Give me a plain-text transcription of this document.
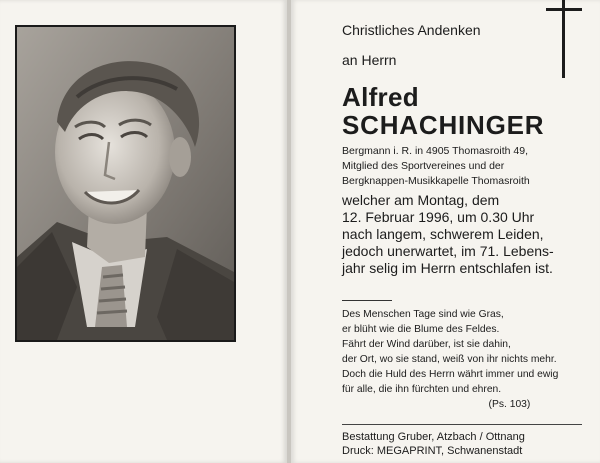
Christliches Andenken
an Herrn
Alfred
SCHACHINGER
Bergmann i. R. in 4905 Thomasroith 49,
Mitglied des Sportvereines und der
Bergknappen-Musikkapelle Thomasroith
welcher am Montag, dem
12. Februar 1996, um 0.30 Uhr
nach langem, schwerem Leiden,
jedoch unerwartet, im 71. Lebens-
jahr selig im Herrn entschlafen ist.
Des Menschen Tage sind wie Gras,
er blüht wie die Blume des Feldes.
Fährt der Wind darüber, ist sie dahin,
der Ort, wo sie stand, weiß von ihr nichts mehr.
Doch die Huld des Herrn währt immer und ewig
für alle, die ihn fürchten und ehren.
(Ps. 103)
Bestattung Gruber, Atzbach / Ottnang
Druck: MEGAPRINT, Schwanenstadt
